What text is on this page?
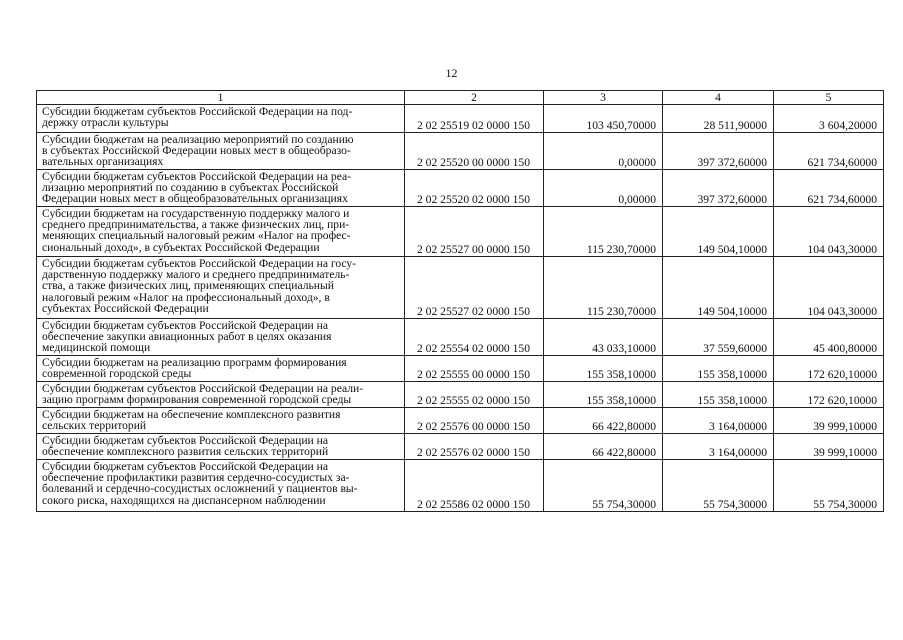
12
1	2	3	4	5

Субсидии бюджетам субъектов Российской Федерации на под-
держку отрасли культуры	2 02 25519 02 0000 150	103 450,70000	28 511,90000	3 604,20000

Субсидии бюджетам на реализацию мероприятий по созданию
в субъектах Российской Федерации новых мест в общеобразо-
вательных организациях	2 02 25520 00 0000 150	0,00000	397 372,60000	621 734,60000

Субсидии бюджетам субъектов Российской Федерации на реа-
лизацию мероприятий по созданию в субъектах Российской
Федерации новых мест в общеобразовательных организациях	2 02 25520 02 0000 150	0,00000	397 372,60000	621 734,60000

Субсидии бюджетам на государственную поддержку малого и
среднего предпринимательства, а также физических лиц, при-
меняющих специальный налоговый режим «Налог на профес-
сиональный доход», в субъектах Российской Федерации	2 02 25527 00 0000 150	115 230,70000	149 504,10000	104 043,30000

Субсидии бюджетам субъектов Российской Федерации на госу-
дарственную поддержку малого и среднего предприниматель-
ства, а также физических лиц, применяющих специальный
налоговый режим «Налог на профессиональный доход», в
субъектах Российской Федерации	2 02 25527 02 0000 150	115 230,70000	149 504,10000	104 043,30000

Субсидии бюджетам субъектов Российской Федерации на
обеспечение закупки авиационных работ в целях оказания
медицинской помощи	2 02 25554 02 0000 150	43 033,10000	37 559,60000	45 400,80000

Субсидии бюджетам на реализацию программ формирования
современной городской среды	2 02 25555 00 0000 150	155 358,10000	155 358,10000	172 620,10000

Субсидии бюджетам субъектов Российской Федерации на реали-
зацию программ формирования современной городской среды	2 02 25555 02 0000 150	155 358,10000	155 358,10000	172 620,10000

Субсидии бюджетам на обеспечение комплексного развития
сельских территорий	2 02 25576 00 0000 150	66 422,80000	3 164,00000	39 999,10000

Субсидии бюджетам субъектов Российской Федерации на
обеспечение комплексного развития сельских территорий	2 02 25576 02 0000 150	66 422,80000	3 164,00000	39 999,10000

Субсидии бюджетам субъектов Российской Федерации на
обеспечение профилактики развития сердечно-сосудистых за-
болеваний и сердечно-сосудистых осложнений у пациентов вы-
сокого риска, находящихся на диспансерном наблюдении	2 02 25586 02 0000 150	55 754,30000	55 754,30000	55 754,30000
